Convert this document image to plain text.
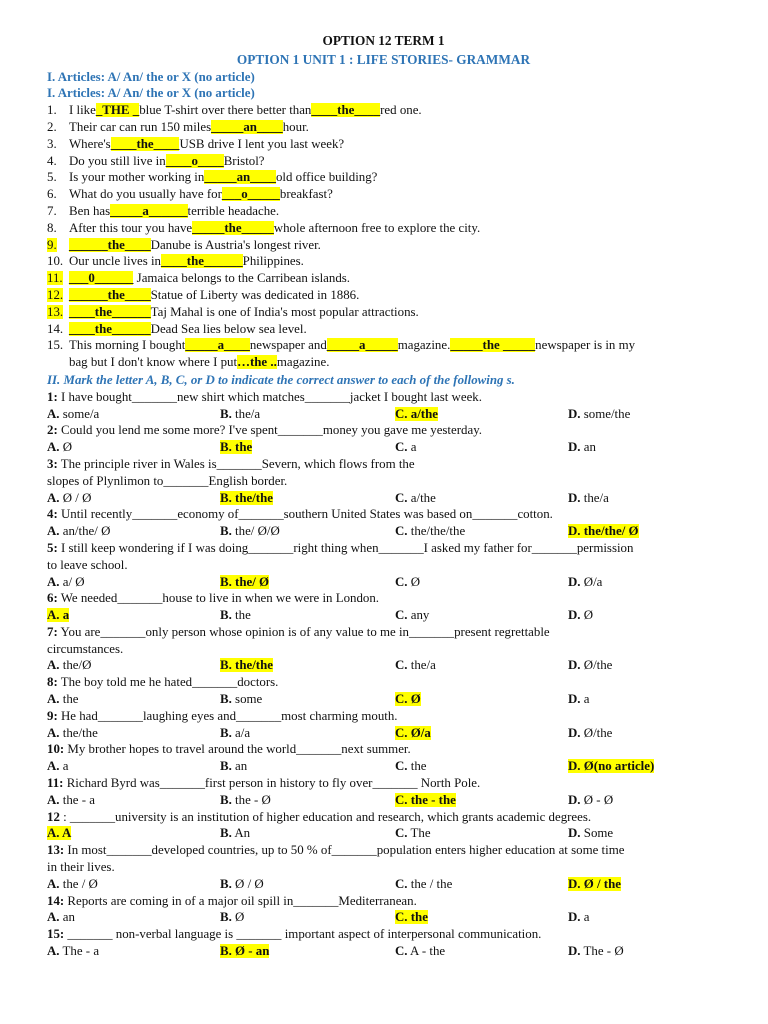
OPTION 12 TERM 1
OPTION 1 UNIT 1 : LIFE STORIES- GRAMMAR
I. Articles: A/ An/ the or X (no article)
I. Articles: A/ An/ the or X (no article)
1. I like_THE _blue T-shirt over there better than____the____red one.
2. Their car can run 150 miles_____an____hour.
3. Where's____the____USB drive I lent you last week?
4. Do you still live in____o____Bristol?
5. Is your mother working in_____an____old office building?
6. What do you usually have for___o_____breakfast?
7. Ben has_____a______terrible headache.
8. After this tour you have_____the_____whole afternoon free to explore the city.
9. ______the____Danube is Austria's longest river.
10. Our uncle lives in____the______Philippines.
11. ___0______ Jamaica belongs to the Carribean islands.
12. ______the____Statue of Liberty was dedicated in 1886.
13. ____the______Taj Mahal is one of India's most popular attractions.
14. ____the______Dead Sea lies below sea level.
15. This morning I bought_____a____newspaper and_____a_____magazine._____the _____newspaper is in my
bag but I don't know where I put…the ..magazine.
II. Mark the letter A, B, C, or D to indicate the correct answer to each of the following s.
1: I have bought_______new shirt which matches_______jacket I bought last week.
A. some/a	B. the/a	C. a/the	D. some/the
2: Could you lend me some more? I've spent_______money you gave me yesterday.
A. Ø	B. the	C. a	D. an
3: The principle river in Wales is_______Severn, which flows from the
slopes of Plynlimon to_______English border.
A. Ø / Ø	B. the/the	C. a/the	D. the/a
4: Until recently_______economy of_______southern United States was based on_______cotton.
A. an/the/ Ø	B. the/ Ø/Ø	C. the/the/the	D. the/the/ Ø
5: I still keep wondering if I was doing_______right thing when_______I asked my father for_______permission
to leave school.
A. a/ Ø	B. the/ Ø	C. Ø	D. Ø/a
6: We needed_______house to live in when we were in London.
A. a	B. the	C. any	D. Ø
7: You are_______only person whose opinion is of any value to me in_______present regrettable
circumstances.
A. the/Ø	B. the/the	C. the/a	D. Ø/the
8: The boy told me he hated_______doctors.
A. the	B. some	C. Ø	D. a
9: He had_______laughing eyes and_______most charming mouth.
A. the/the	B. a/a	C. Ø/a	D. Ø/the
10: My brother hopes to travel around the world_______next summer.
A. a	B. an	C. the	D. Ø(no article)
11: Richard Byrd was_______first person in history to fly over_______ North Pole.
A. the - a	B. the - Ø	C. the - the	D. Ø - Ø
12 : _______university is an institution of higher education and research, which grants academic degrees.
A. A	B. An	C. The	D. Some
13: In most_______developed countries, up to 50 % of_______population enters higher education at some time
in their lives.
A. the / Ø	B. Ø / Ø	C. the / the	D. Ø / the
14: Reports are coming in of a major oil spill in_______Mediterranean.
A. an	B. Ø	C. the	D. a
15: _______ non-verbal language is _______ important aspect of interpersonal communication.
A. The - a	B. Ø - an	C. A - the	D. The - Ø
